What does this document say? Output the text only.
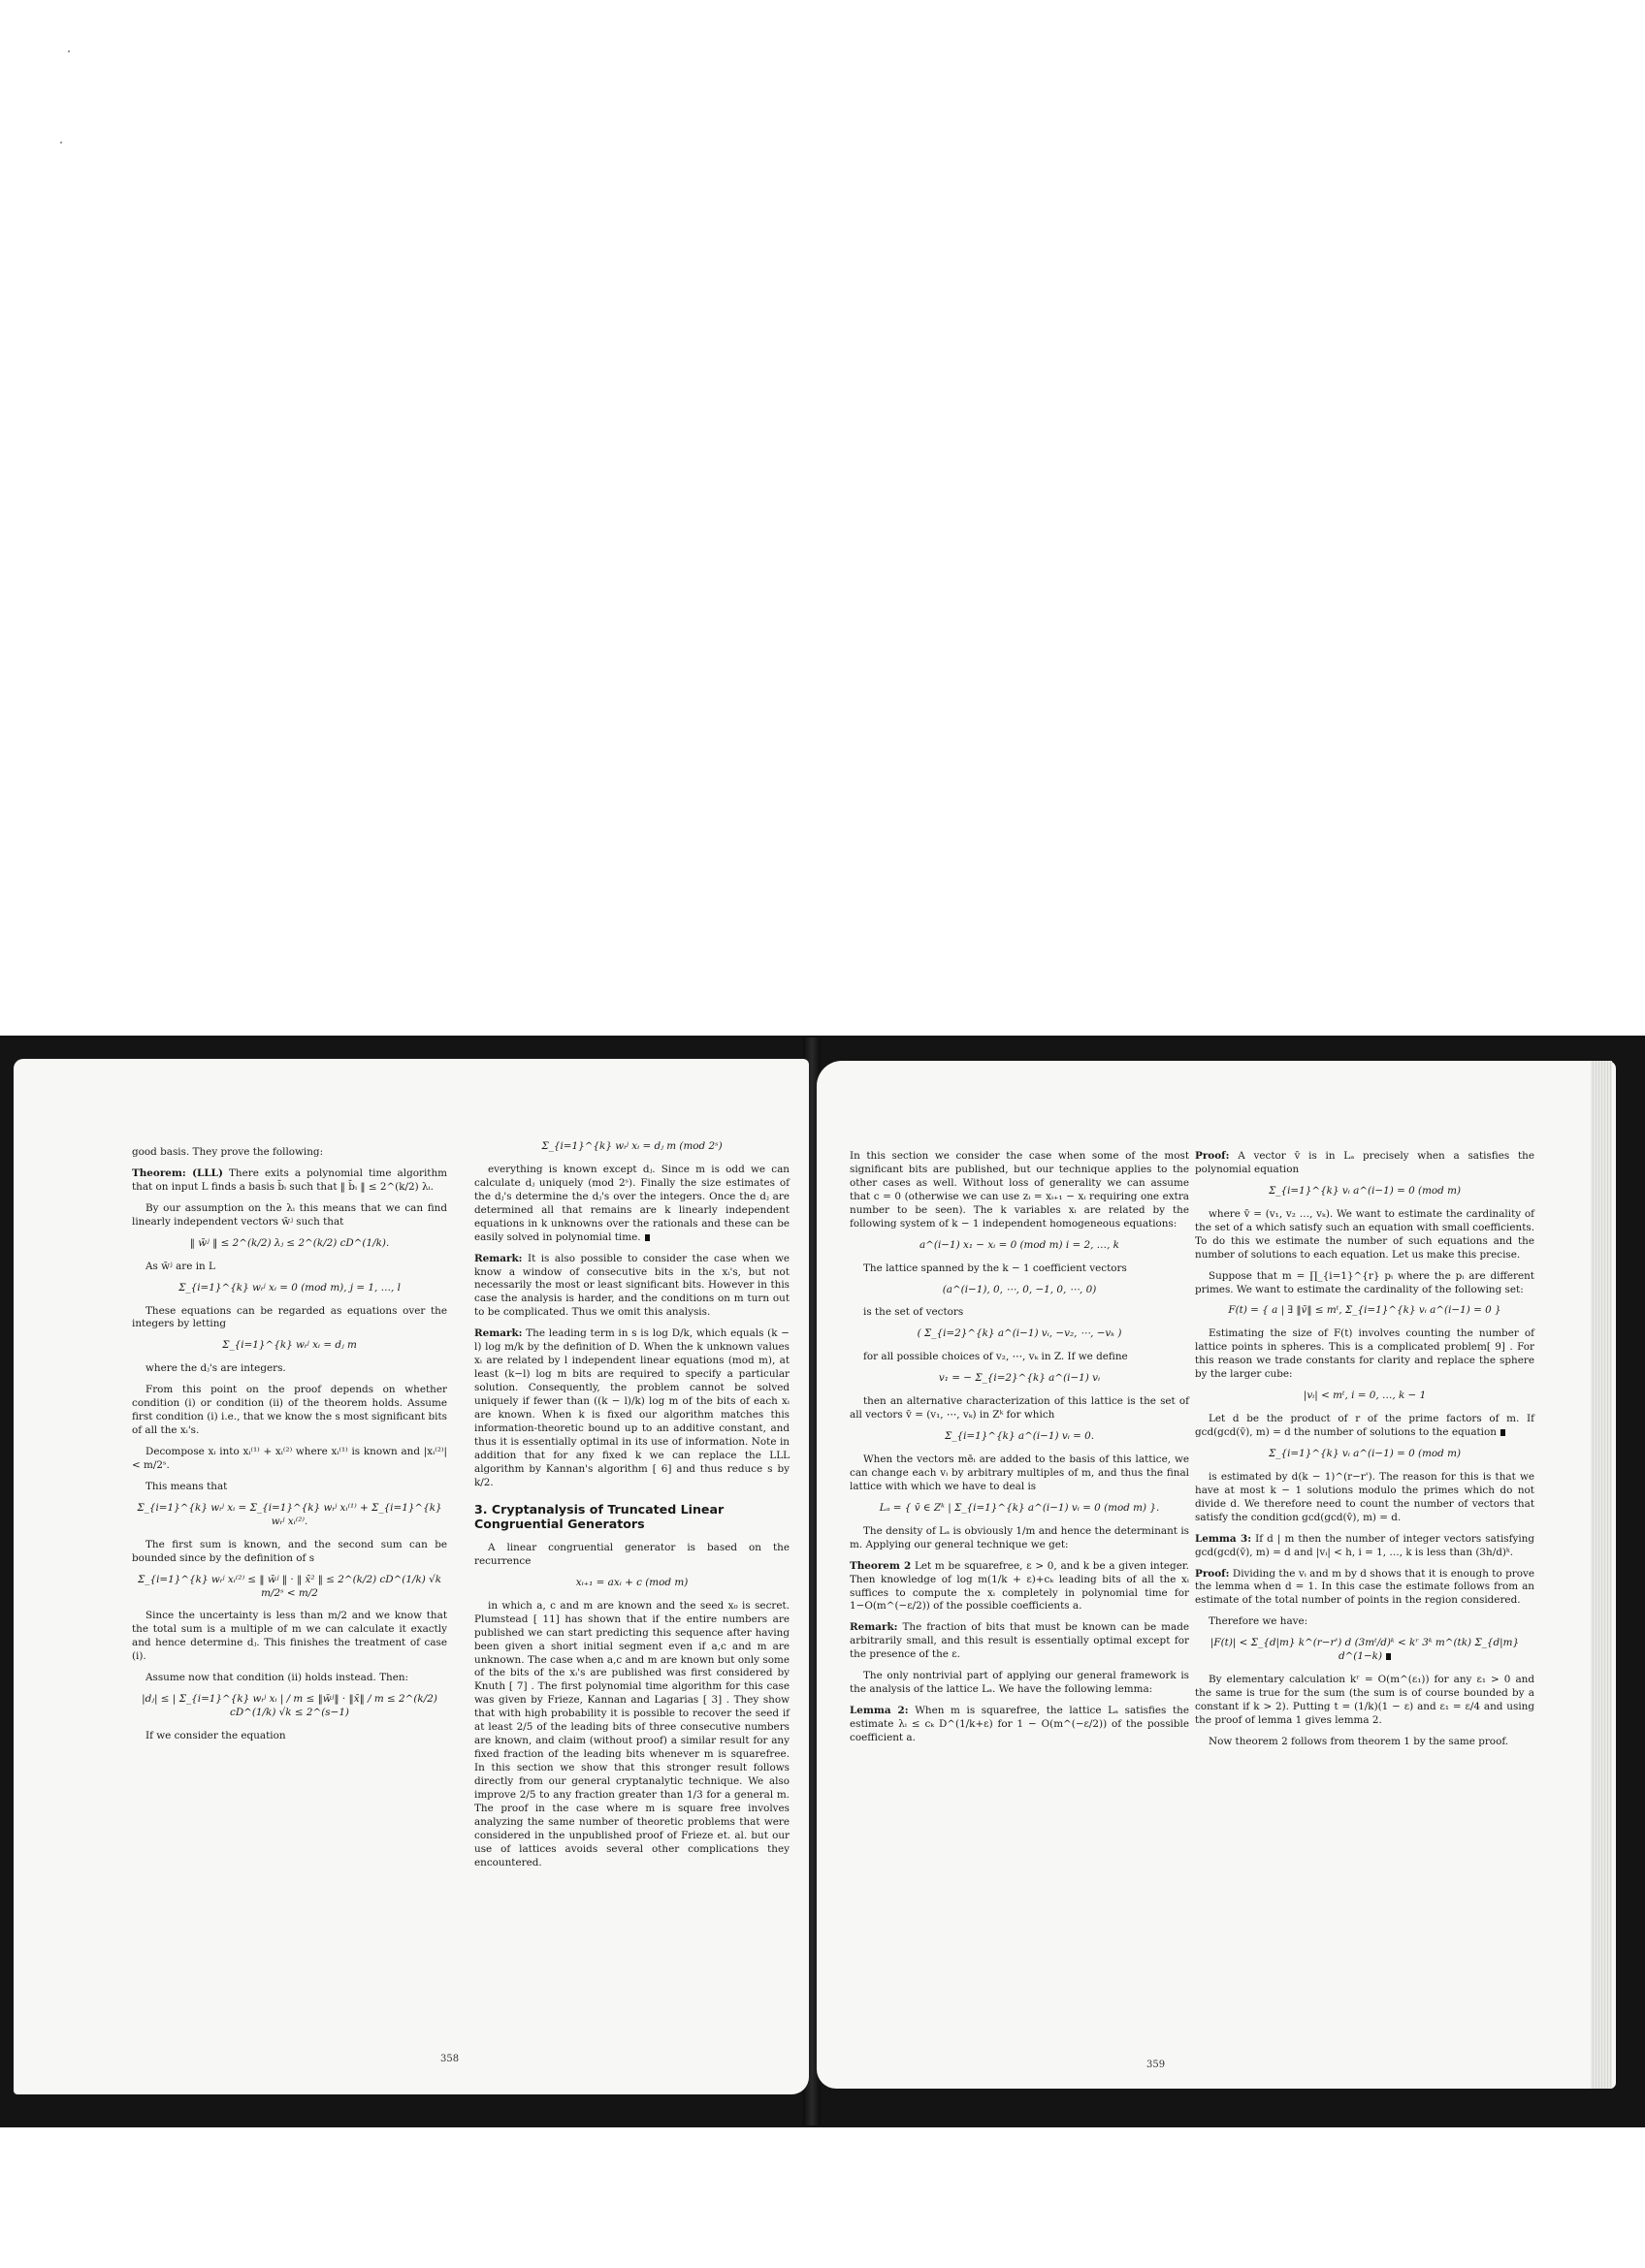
good basis. They prove the following:

Theorem: (LLL) There exits a polynomial time algorithm that on input L finds a basis b̄ᵢ such that ‖ b̄ᵢ ‖ ≤ 2^(k/2) λᵢ.

By our assumption on the λᵢ this means that we can find linearly independent vectors w̄ʲ such that

‖ w̄ʲ ‖ ≤ 2^(k/2) λⱼ ≤ 2^(k/2) cD^(1/k).

As w̄ʲ are in L

Σ_{i=1}^{k} wᵢʲ xᵢ = 0 (mod m), j = 1, …, l

These equations can be regarded as equations over the integers by letting

Σ_{i=1}^{k} wᵢʲ xᵢ = dⱼ m

where the dⱼ's are integers.

From this point on the proof depends on whether condition (i) or condition (ii) of the theorem holds. Assume first condition (i) i.e., that we know the s most significant bits of all the xᵢ's.

Decompose xᵢ into xᵢ⁽¹⁾ + xᵢ⁽²⁾ where xᵢ⁽¹⁾ is known and |xᵢ⁽²⁾| < m/2ˢ.

This means that

Σ_{i=1}^{k} wᵢʲ xᵢ = Σ_{i=1}^{k} wᵢʲ xᵢ⁽¹⁾ + Σ_{i=1}^{k} wᵢʲ xᵢ⁽²⁾.

The first sum is known, and the second sum can be bounded since by the definition of s

Σ_{i=1}^{k} wᵢʲ xᵢ⁽²⁾ ≤ ‖ w̄ʲ ‖ · ‖ x̄² ‖ ≤ 2^(k/2) cD^(1/k) √k m/2ˢ < m/2

Since the uncertainty is less than m/2 and we know that the total sum is a multiple of m we can calculate it exactly and hence determine dⱼ. This finishes the treatment of case (i).

Assume now that condition (ii) holds instead. Then:

|dⱼ| ≤ | Σ_{i=1}^{k} wᵢʲ xᵢ | / m ≤ ‖w̄ʲ‖ · ‖x̄‖ / m ≤ 2^(k/2) cD^(1/k) √k ≤ 2^(s−1)

If we consider the equation

Σ_{i=1}^{k} wᵢʲ xᵢ = dⱼ m (mod 2ˢ)

everything is known except dⱼ. Since m is odd we can calculate dⱼ uniquely (mod 2ˢ). Finally the size estimates of the dⱼ's determine the dⱼ's over the integers. Once the dⱼ are determined all that remains are k linearly independent equations in k unknowns over the rationals and these can be easily solved in polynomial time.

Remark: It is also possible to consider the case when we know a window of consecutive bits in the xᵢ's, but not necessarily the most or least significant bits. However in this case the analysis is harder, and the conditions on m turn out to be complicated. Thus we omit this analysis.

Remark: The leading term in s is log D/k, which equals (k − l) log m/k by the definition of D. When the k unknown values xᵢ are related by l independent linear equations (mod m), at least (k−l) log m bits are required to specify a particular solution. Consequently, the problem cannot be solved uniquely if fewer than ((k − l)/k) log m of the bits of each xᵢ are known. When k is fixed our algorithm matches this information-theoretic bound up to an additive constant, and thus it is essentially optimal in its use of information. Note in addition that for any fixed k we can replace the LLL algorithm by Kannan's algorithm [ 6] and thus reduce s by k/2.

3. Cryptanalysis of Truncated Linear Congruential Generators

A linear congruential generator is based on the recurrence

xᵢ₊₁ = axᵢ + c (mod m)

in which a, c and m are known and the seed x₀ is secret. Plumstead [ 11] has shown that if the entire numbers are published we can start predicting this sequence after having been given a short initial segment even if a,c and m are unknown. The case when a,c and m are known but only some of the bits of the xᵢ's are published was first considered by Knuth [ 7] . The first polynomial time algorithm for this case was given by Frieze, Kannan and Lagarias [ 3] . They show that with high probability it is possible to recover the seed if at least 2/5 of the leading bits of three consecutive numbers are known, and claim (without proof) a similar result for any fixed fraction of the leading bits whenever m is squarefree. In this section we show that this stronger result follows directly from our general cryptanalytic technique. We also improve 2/5 to any fraction greater than 1/3 for a general m. The proof in the case where m is square free involves analyzing the same number of theoretic problems that were considered in the unpublished proof of Frieze et. al. but our use of lattices avoids several other complications they encountered.

358

In this section we consider the case when some of the most significant bits are published, but our technique applies to the other cases as well. Without loss of generality we can assume that c = 0 (otherwise we can use zᵢ = xᵢ₊₁ − xᵢ requiring one extra number to be seen). The k variables xᵢ are related by the following system of k − 1 independent homogeneous equations:

a^(i−1) x₁ − xᵢ = 0 (mod m) i = 2, …, k

The lattice spanned by the k − 1 coefficient vectors

(a^(i−1), 0, ⋯, 0, −1, 0, ⋯, 0)

is the set of vectors

( Σ_{i=2}^{k} a^(i−1) vᵢ, −v₂, ⋯, −vₖ )

for all possible choices of v₂, ⋯, vₖ in Z. If we define

v₁ = − Σ_{i=2}^{k} a^(i−1) vᵢ

then an alternative characterization of this lattice is the set of all vectors v̄ = (v₁, ⋯, vₖ) in Zᵏ for which

Σ_{i=1}^{k} a^(i−1) vᵢ = 0.

When the vectors mēᵢ are added to the basis of this lattice, we can change each vᵢ by arbitrary multiples of m, and thus the final lattice with which we have to deal is

Lₐ = { v̄ ∈ Zᵏ | Σ_{i=1}^{k} a^(i−1) vᵢ = 0 (mod m) }.

The density of Lₐ is obviously 1/m and hence the determinant is m. Applying our general technique we get:

Theorem 2 Let m be squarefree, ε > 0, and k be a given integer. Then knowledge of log m(1/k + ε)+cₖ leading bits of all the xᵢ suffices to compute the xᵢ completely in polynomial time for 1−O(m^(−ε/2)) of the possible coefficients a.

Remark: The fraction of bits that must be known can be made arbitrarily small, and this result is essentially optimal except for the presence of the ε.

The only nontrivial part of applying our general framework is the analysis of the lattice Lₐ. We have the following lemma:

Lemma 2: When m is squarefree, the lattice Lₐ satisfies the estimate λᵢ ≤ cₖ D^(1/k+ε) for 1 − O(m^(−ε/2)) of the possible coefficient a.

Proof: A vector v̄ is in Lₐ precisely when a satisfies the polynomial equation

Σ_{i=1}^{k} vᵢ a^(i−1) = 0 (mod m)

where v̄ = (v₁, v₂ …, vₖ). We want to estimate the cardinality of the set of a which satisfy such an equation with small coefficients. To do this we estimate the number of such equations and the number of solutions to each equation. Let us make this precise.

Suppose that m = ∏_{i=1}^{r} pᵢ where the pᵢ are different primes. We want to estimate the cardinality of the following set:

F(t) = { a | ∃ ‖v̄‖ ≤ mᵗ, Σ_{i=1}^{k} vᵢ a^(i−1) = 0 }

Estimating the size of F(t) involves counting the number of lattice points in spheres. This is a complicated problem[ 9] . For this reason we trade constants for clarity and replace the sphere by the larger cube:

|vᵢ| < mᵗ, i = 0, …, k − 1

Let d be the product of r of the prime factors of m. If gcd(gcd(v̄), m) = d the number of solutions to the equation

Σ_{i=1}^{k} vᵢ a^(i−1) = 0 (mod m)

is estimated by d(k − 1)^(r−r'). The reason for this is that we have at most k − 1 solutions modulo the primes which do not divide d. We therefore need to count the number of vectors that satisfy the condition gcd(gcd(v̄), m) = d.

Lemma 3: If d | m then the number of integer vectors satisfying gcd(gcd(v̄), m) = d and |vᵢ| < h, i = 1, …, k is less than (3h/d)ᵏ.

Proof: Dividing the vᵢ and m by d shows that it is enough to prove the lemma when d = 1. In this case the estimate follows from an estimate of the total number of points in the region considered.

Therefore we have:

|F(t)| < Σ_{d|m} k^(r−r') d (3mᵗ/d)ᵏ < kʳ 3ᵏ m^(tk) Σ_{d|m} d^(1−k)

By elementary calculation kʳ = O(m^(ε₁)) for any ε₁ > 0 and the same is true for the sum (the sum is of course bounded by a constant if k > 2). Putting t = (1/k)(1 − ε) and ε₁ = ε/4 and using the proof of lemma 1 gives lemma 2.

Now theorem 2 follows from theorem 1 by the same proof.

359
